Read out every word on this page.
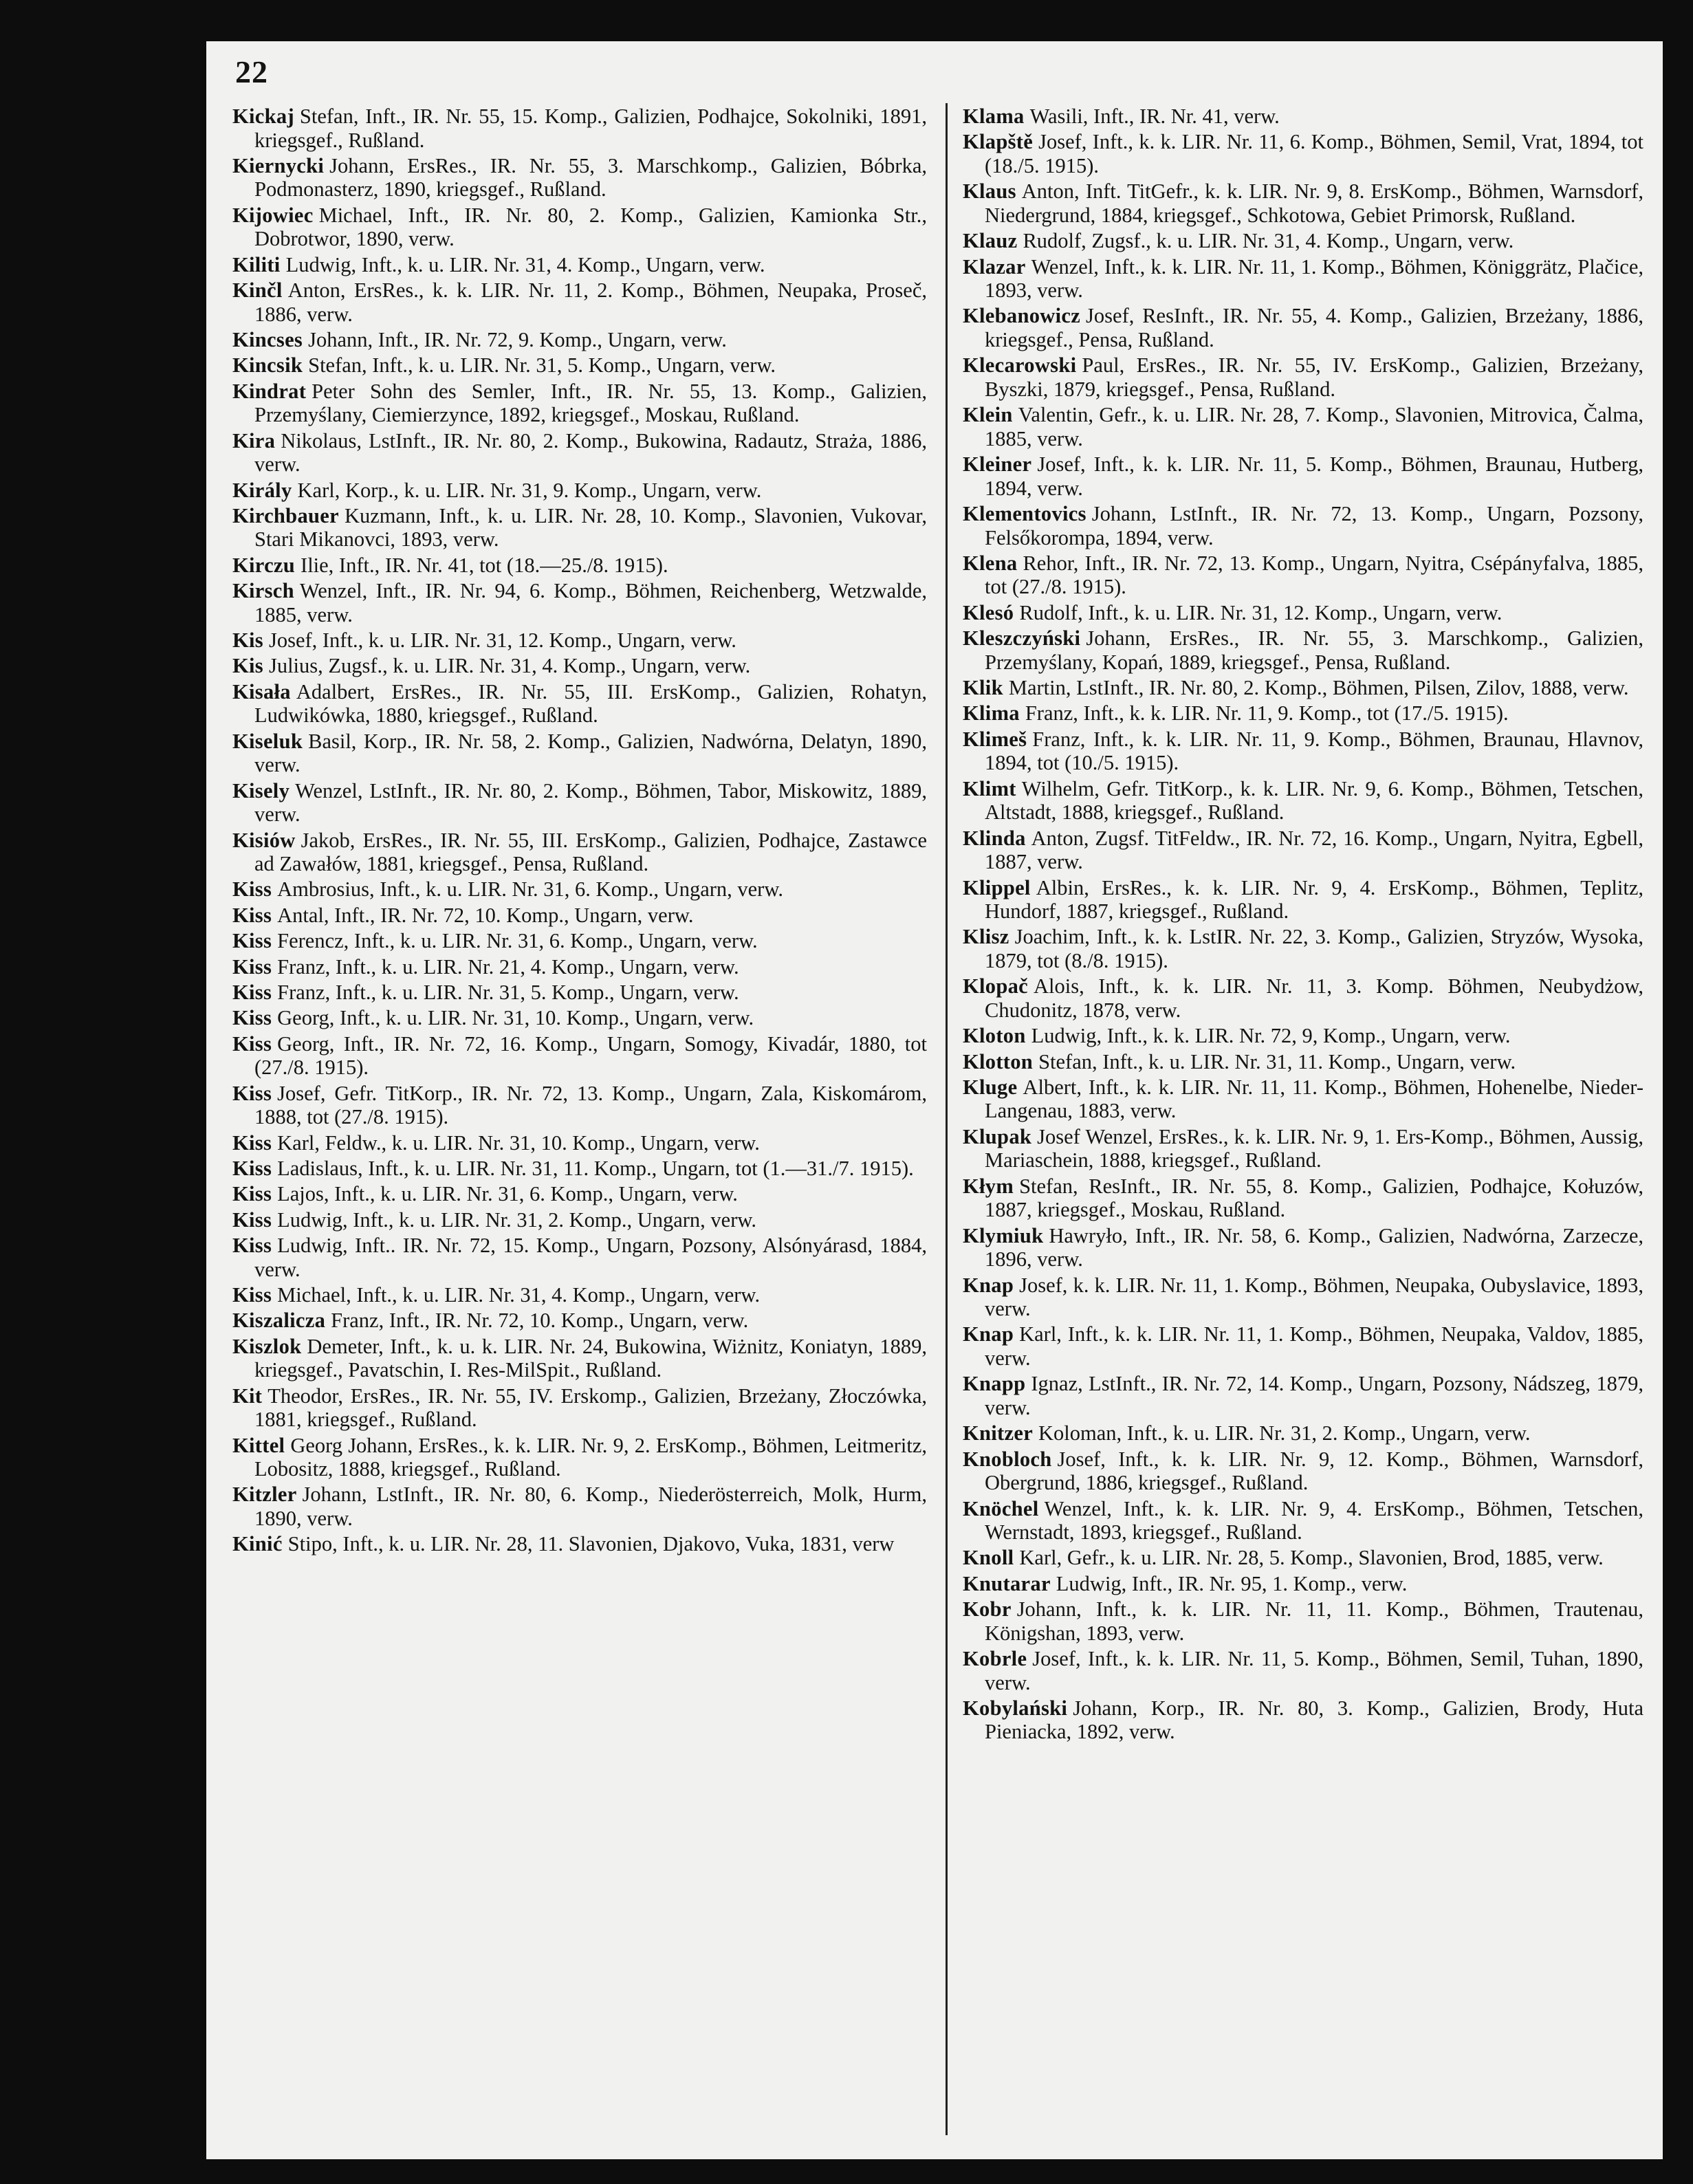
22

Kickaj Stefan, Inft., IR. Nr. 55, 15. Komp., Galizien, Podhajce, Sokolniki, 1891, kriegsgef., Rußland.

Kiernycki Johann, ErsRes., IR. Nr. 55, 3. Marschkomp., Galizien, Bóbrka, Podmonasterz, 1890, kriegsgef., Rußland.

Kijowiec Michael, Inft., IR. Nr. 80, 2. Komp., Galizien, Kamionka Str., Dobrotwor, 1890, verw.

Kiliti Ludwig, Inft., k. u. LIR. Nr. 31, 4. Komp., Ungarn, verw.

Kinčl Anton, ErsRes., k. k. LIR. Nr. 11, 2. Komp., Böhmen, Neupaka, Proseč, 1886, verw.

Kincses Johann, Inft., IR. Nr. 72, 9. Komp., Ungarn, verw.

Kincsik Stefan, Inft., k. u. LIR. Nr. 31, 5. Komp., Ungarn, verw.

Kindrat Peter Sohn des Semler, Inft., IR. Nr. 55, 13. Komp., Galizien, Przemyślany, Ciemierzynce, 1892, kriegsgef., Moskau, Rußland.

Kira Nikolaus, LstInft., IR. Nr. 80, 2. Komp., Bukowina, Radautz, Straża, 1886, verw.

Király Karl, Korp., k. u. LIR. Nr. 31, 9. Komp., Ungarn, verw.

Kirchbauer Kuzmann, Inft., k. u. LIR. Nr. 28, 10. Komp., Slavonien, Vukovar, Stari Mikanovci, 1893, verw.

Kirczu Ilie, Inft., IR. Nr. 41, tot (18.—25./8. 1915).

Kirsch Wenzel, Inft., IR. Nr. 94, 6. Komp., Böhmen, Reichenberg, Wetzwalde, 1885, verw.

Kis Josef, Inft., k. u. LIR. Nr. 31, 12. Komp., Ungarn, verw.

Kis Julius, Zugsf., k. u. LIR. Nr. 31, 4. Komp., Ungarn, verw.

Kisała Adalbert, ErsRes., IR. Nr. 55, III. ErsKomp., Galizien, Rohatyn, Ludwikówka, 1880, kriegsgef., Rußland.

Kiseluk Basil, Korp., IR. Nr. 58, 2. Komp., Galizien, Nadwórna, Delatyn, 1890, verw.

Kisely Wenzel, LstInft., IR. Nr. 80, 2. Komp., Böhmen, Tabor, Miskowitz, 1889, verw.

Kisiów Jakob, ErsRes., IR. Nr. 55, III. ErsKomp., Galizien, Podhajce, Zastawce ad Zawałów, 1881, kriegsgef., Pensa, Rußland.

Kiss Ambrosius, Inft., k. u. LIR. Nr. 31, 6. Komp., Ungarn, verw.

Kiss Antal, Inft., IR. Nr. 72, 10. Komp., Ungarn, verw.

Kiss Ferencz, Inft., k. u. LIR. Nr. 31, 6. Komp., Ungarn, verw.

Kiss Franz, Inft., k. u. LIR. Nr. 21, 4. Komp., Ungarn, verw.

Kiss Franz, Inft., k. u. LIR. Nr. 31, 5. Komp., Ungarn, verw.

Kiss Georg, Inft., k. u. LIR. Nr. 31, 10. Komp., Ungarn, verw.

Kiss Georg, Inft., IR. Nr. 72, 16. Komp., Ungarn, Somogy, Kivadár, 1880, tot (27./8. 1915).

Kiss Josef, Gefr. TitKorp., IR. Nr. 72, 13. Komp., Ungarn, Zala, Kiskomárom, 1888, tot (27./8. 1915).

Kiss Karl, Feldw., k. u. LIR. Nr. 31, 10. Komp., Ungarn, verw.

Kiss Ladislaus, Inft., k. u. LIR. Nr. 31, 11. Komp., Ungarn, tot (1.—31./7. 1915).

Kiss Lajos, Inft., k. u. LIR. Nr. 31, 6. Komp., Ungarn, verw.

Kiss Ludwig, Inft., k. u. LIR. Nr. 31, 2. Komp., Ungarn, verw.

Kiss Ludwig, Inft.. IR. Nr. 72, 15. Komp., Ungarn, Pozsony, Alsónyárasd, 1884, verw.

Kiss Michael, Inft., k. u. LIR. Nr. 31, 4. Komp., Ungarn, verw.

Kiszalicza Franz, Inft., IR. Nr. 72, 10. Komp., Ungarn, verw.

Kiszlok Demeter, Inft., k. u. k. LIR. Nr. 24, Bukowina, Wiżnitz, Koniatyn, 1889, kriegsgef., Pavatschin, I. Res-MilSpit., Rußland.

Kit Theodor, ErsRes., IR. Nr. 55, IV. Erskomp., Galizien, Brzeżany, Złoczówka, 1881, kriegsgef., Rußland.

Kittel Georg Johann, ErsRes., k. k. LIR. Nr. 9, 2. ErsKomp., Böhmen, Leitmeritz, Lobositz, 1888, kriegsgef., Rußland.

Kitzler Johann, LstInft., IR. Nr. 80, 6. Komp., Niederösterreich, Molk, Hurm, 1890, verw.

Kinić Stipo, Inft., k. u. LIR. Nr. 28, 11. Slavonien, Djakovo, Vuka, 1831, verw

Klama Wasili, Inft., IR. Nr. 41, verw.

Klapště Josef, Inft., k. k. LIR. Nr. 11, 6. Komp., Böhmen, Semil, Vrat, 1894, tot (18./5. 1915).

Klaus Anton, Inft. TitGefr., k. k. LIR. Nr. 9, 8. ErsKomp., Böhmen, Warnsdorf, Niedergrund, 1884, kriegsgef., Schkotowa, Gebiet Primorsk, Rußland.

Klauz Rudolf, Zugsf., k. u. LIR. Nr. 31, 4. Komp., Ungarn, verw.

Klazar Wenzel, Inft., k. k. LIR. Nr. 11, 1. Komp., Böhmen, Königgrätz, Plačice, 1893, verw.

Klebanowicz Josef, ResInft., IR. Nr. 55, 4. Komp., Galizien, Brzeżany, 1886, kriegsgef., Pensa, Rußland.

Klecarowski Paul, ErsRes., IR. Nr. 55, IV. ErsKomp., Galizien, Brzeżany, Byszki, 1879, kriegsgef., Pensa, Rußland.

Klein Valentin, Gefr., k. u. LIR. Nr. 28, 7. Komp., Slavonien, Mitrovica, Čalma, 1885, verw.

Kleiner Josef, Inft., k. k. LIR. Nr. 11, 5. Komp., Böhmen, Braunau, Hutberg, 1894, verw.

Klementovics Johann, LstInft., IR. Nr. 72, 13. Komp., Ungarn, Pozsony, Felsőkorompa, 1894, verw.

Klena Rehor, Inft., IR. Nr. 72, 13. Komp., Ungarn, Nyitra, Csépányfalva, 1885, tot (27./8. 1915).

Klesó Rudolf, Inft., k. u. LIR. Nr. 31, 12. Komp., Ungarn, verw.

Kleszczyński Johann, ErsRes., IR. Nr. 55, 3. Marschkomp., Galizien, Przemyślany, Kopań, 1889, kriegsgef., Pensa, Rußland.

Klik Martin, LstInft., IR. Nr. 80, 2. Komp., Böhmen, Pilsen, Zilov, 1888, verw.

Klima Franz, Inft., k. k. LIR. Nr. 11, 9. Komp., tot (17./5. 1915).

Klimeš Franz, Inft., k. k. LIR. Nr. 11, 9. Komp., Böhmen, Braunau, Hlavnov, 1894, tot (10./5. 1915).

Klimt Wilhelm, Gefr. TitKorp., k. k. LIR. Nr. 9, 6. Komp., Böhmen, Tetschen, Altstadt, 1888, kriegsgef., Rußland.

Klinda Anton, Zugsf. TitFeldw., IR. Nr. 72, 16. Komp., Ungarn, Nyitra, Egbell, 1887, verw.

Klippel Albin, ErsRes., k. k. LIR. Nr. 9, 4. ErsKomp., Böhmen, Teplitz, Hundorf, 1887, kriegsgef., Rußland.

Klisz Joachim, Inft., k. k. LstIR. Nr. 22, 3. Komp., Galizien, Stryzów, Wysoka, 1879, tot (8./8. 1915).

Klopač Alois, Inft., k. k. LIR. Nr. 11, 3. Komp. Böhmen, Neubydżow, Chudonitz, 1878, verw.

Kloton Ludwig, Inft., k. k. LIR. Nr. 72, 9, Komp., Ungarn, verw.

Klotton Stefan, Inft., k. u. LIR. Nr. 31, 11. Komp., Ungarn, verw.

Kluge Albert, Inft., k. k. LIR. Nr. 11, 11. Komp., Böhmen, Hohenelbe, Nieder-Langenau, 1883, verw.

Klupak Josef Wenzel, ErsRes., k. k. LIR. Nr. 9, 1. Ers-Komp., Böhmen, Aussig, Mariaschein, 1888, kriegsgef., Rußland.

Kłym Stefan, ResInft., IR. Nr. 55, 8. Komp., Galizien, Podhajce, Kołuzów, 1887, kriegsgef., Moskau, Rußland.

Klymiuk Hawryło, Inft., IR. Nr. 58, 6. Komp., Galizien, Nadwórna, Zarzecze, 1896, verw.

Knap Josef, k. k. LIR. Nr. 11, 1. Komp., Böhmen, Neupaka, Oubyslavice, 1893, verw.

Knap Karl, Inft., k. k. LIR. Nr. 11, 1. Komp., Böhmen, Neupaka, Valdov, 1885, verw.

Knapp Ignaz, LstInft., IR. Nr. 72, 14. Komp., Ungarn, Pozsony, Nádszeg, 1879, verw.

Knitzer Koloman, Inft., k. u. LIR. Nr. 31, 2. Komp., Ungarn, verw.

Knobloch Josef, Inft., k. k. LIR. Nr. 9, 12. Komp., Böhmen, Warnsdorf, Obergrund, 1886, kriegsgef., Rußland.

Knöchel Wenzel, Inft., k. k. LIR. Nr. 9, 4. ErsKomp., Böhmen, Tetschen, Wernstadt, 1893, kriegsgef., Rußland.

Knoll Karl, Gefr., k. u. LIR. Nr. 28, 5. Komp., Slavonien, Brod, 1885, verw.

Knutarar Ludwig, Inft., IR. Nr. 95, 1. Komp., verw.

Kobr Johann, Inft., k. k. LIR. Nr. 11, 11. Komp., Böhmen, Trautenau, Königshan, 1893, verw.

Kobrle Josef, Inft., k. k. LIR. Nr. 11, 5. Komp., Böhmen, Semil, Tuhan, 1890, verw.

Kobylański Johann, Korp., IR. Nr. 80, 3. Komp., Galizien, Brody, Huta Pieniacka, 1892, verw.
